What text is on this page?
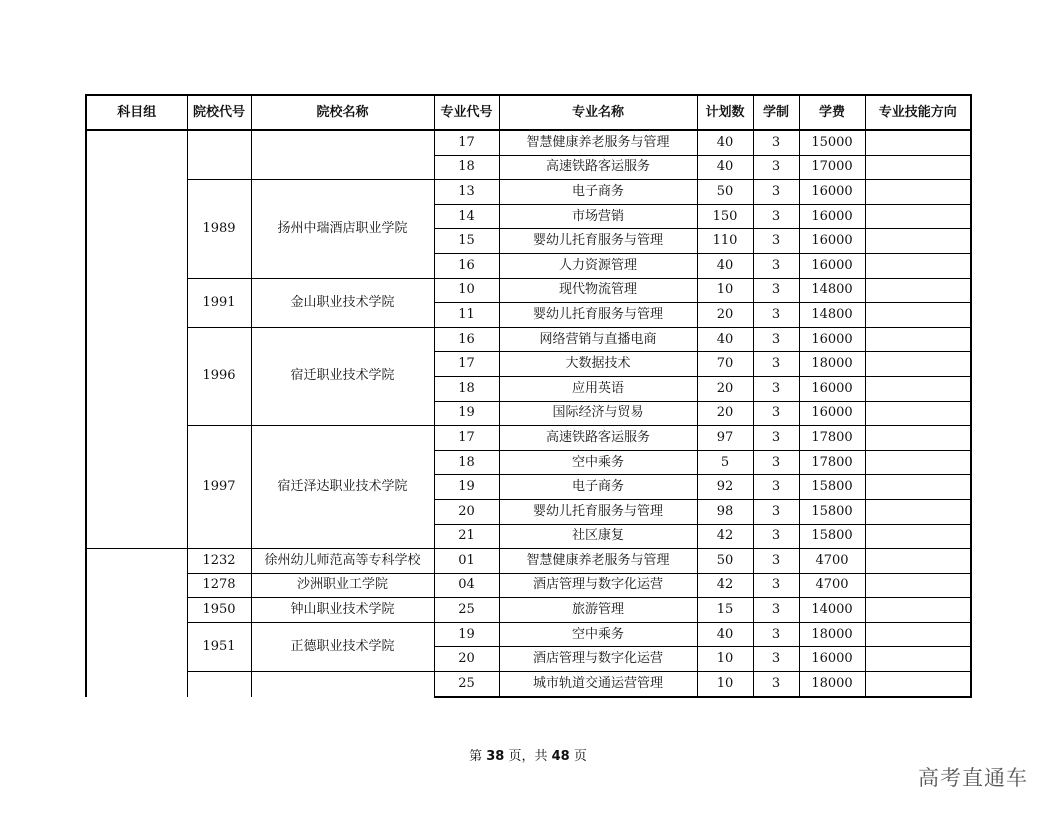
科目组	院校代号	院校名称	专业代号	专业名称	计划数	学制	学费	专业技能方向
			17	智慧健康养老服务与管理	40	3	15000	
			18	高速铁路客运服务	40	3	17000	
	1989	扬州中瑞酒店职业学院	13	电子商务	50	3	16000	
			14	市场营销	150	3	16000	
			15	婴幼儿托育服务与管理	110	3	16000	
			16	人力资源管理	40	3	16000	
	1991	金山职业技术学院	10	现代物流管理	10	3	14800	
			11	婴幼儿托育服务与管理	20	3	14800	
	1996	宿迁职业技术学院	16	网络营销与直播电商	40	3	16000	
			17	大数据技术	70	3	18000	
			18	应用英语	20	3	16000	
			19	国际经济与贸易	20	3	16000	
	1997	宿迁泽达职业技术学院	17	高速铁路客运服务	97	3	17800	
			18	空中乘务	5	3	17800	
			19	电子商务	92	3	15800	
			20	婴幼儿托育服务与管理	98	3	15800	
			21	社区康复	42	3	15800	
	1232	徐州幼儿师范高等专科学校	01	智慧健康养老服务与管理	50	3	4700	
	1278	沙洲职业工学院	04	酒店管理与数字化运营	42	3	4700	
	1950	钟山职业技术学院	25	旅游管理	15	3	14000	
	1951	正德职业技术学院	19	空中乘务	40	3	18000	
			20	酒店管理与数字化运营	10	3	16000	
			25	城市轨道交通运营管理	10	3	18000	
第 38 页，共 48 页
高考直通车
